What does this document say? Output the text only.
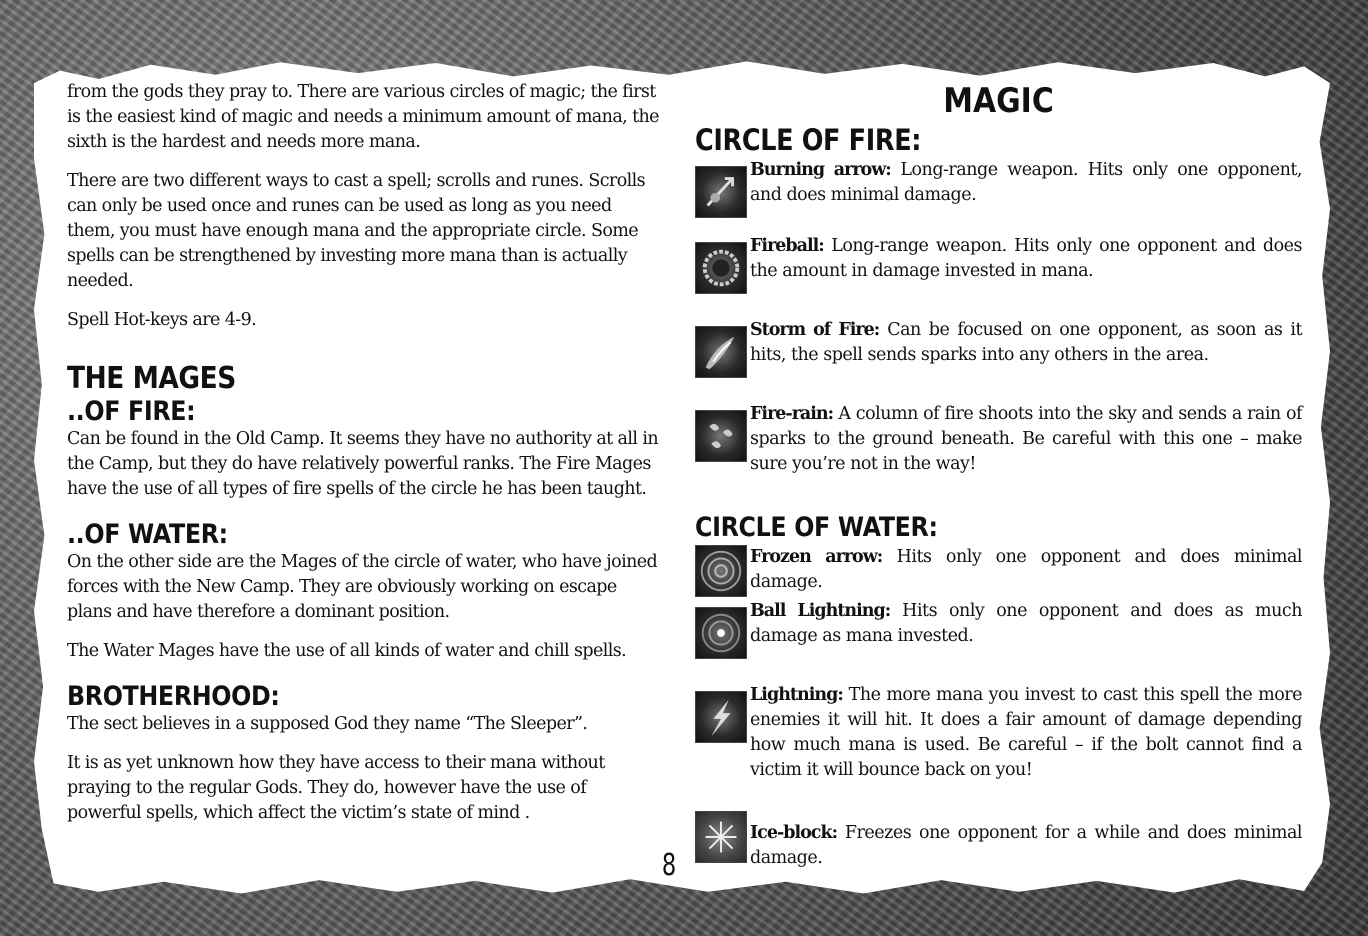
from the gods they pray to. There are various circles of magic; the first is the easiest kind of magic and needs a minimum amount of mana, the sixth is the hardest and needs more mana.

There are two different ways to cast a spell; scrolls and runes. Scrolls can only be used once and runes can be used as long as you need them, you must have enough mana and the appropriate circle. Some spells can be strengthened by investing more mana than is actually needed.

Spell Hot-keys are 4-9.

THE MAGES
..OF FIRE:

Can be found in the Old Camp. It seems they have no authority at all in the Camp, but they do have relatively powerful ranks. The Fire Mages have the use of all types of fire spells of the circle he has been taught.

..OF WATER:

On the other side are the Mages of the circle of water, who have joined forces with the New Camp. They are obviously working on escape plans and have therefore a dominant position.

The Water Mages have the use of all kinds of water and chill spells.

BROTHERHOOD:

The sect believes in a supposed God they name “The Sleeper”.

It is as yet unknown how they have access to their mana without praying to the regular Gods. They do, however have the use of powerful spells, which affect the victim’s state of mind .

MAGIC
CIRCLE OF FIRE:

Burning arrow: Long-range weapon. Hits only one opponent, and does minimal damage.

Fireball: Long-range weapon. Hits only one opponent and does the amount in damage invested in mana.

Storm of Fire: Can be focused on one opponent, as soon as it hits, the spell sends sparks into any others in the area.

Fire-rain: A column of fire shoots into the sky and sends a rain of sparks to the ground beneath. Be careful with this one – make sure you’re not in the way!

CIRCLE OF WATER:

Frozen arrow: Hits only one opponent and does minimal damage.

Ball Lightning: Hits only one opponent and does as much damage as mana invested.

Lightning: The more mana you invest to cast this spell the more enemies it will hit. It does a fair amount of damage depending how much mana is used. Be careful – if the bolt cannot find a victim it will bounce back on you!

Ice-block: Freezes one opponent for a while and does minimal damage.

8
